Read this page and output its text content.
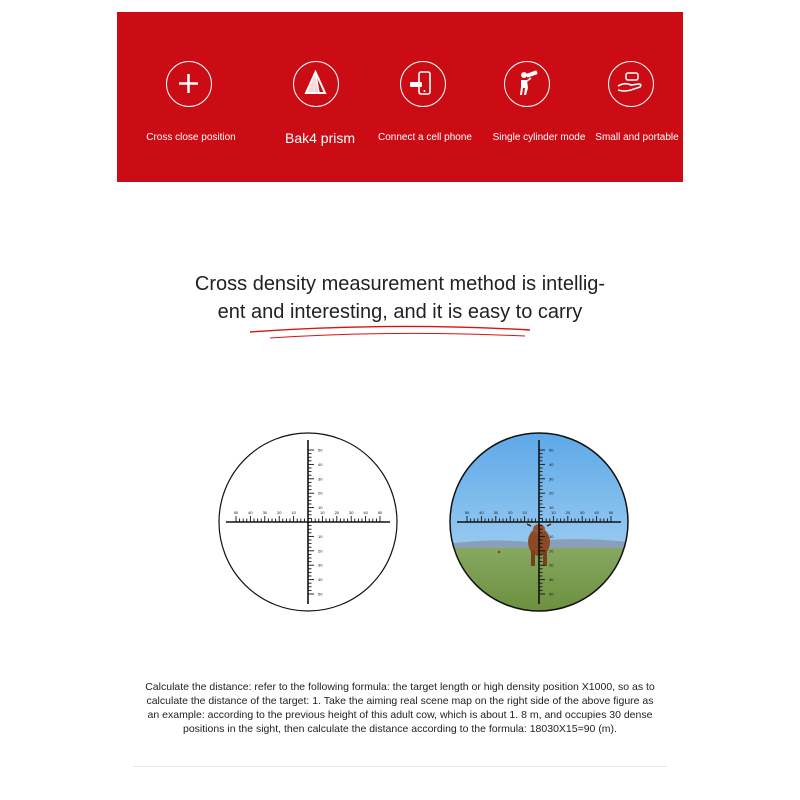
Cross close position	Bak4 prism Connect a cell phone Single cylinder mode Small and portable
Cross density measurement method is intellig-
ent and interesting, and it is easy to carry
50 40 30 20 10	10 20 30 40 50
50
40
30
20
10
10
20
30
40
50
50 40 30 20 10	10 20 30 40 50
50
40
30
20
10
10
20
30
40
50
Calculate the distance: refer to the following formula: the target length or high density position X1000, so as to
calculate the distance of the target: 1. Take the aiming real scene map on the right side of the above figure as
an example: according to the previous height of this adult cow, which is about 1. 8 m, and occupies 30 dense
positions in the sight, then calculate the distance according to the formula: 18030X15=90 (m).
